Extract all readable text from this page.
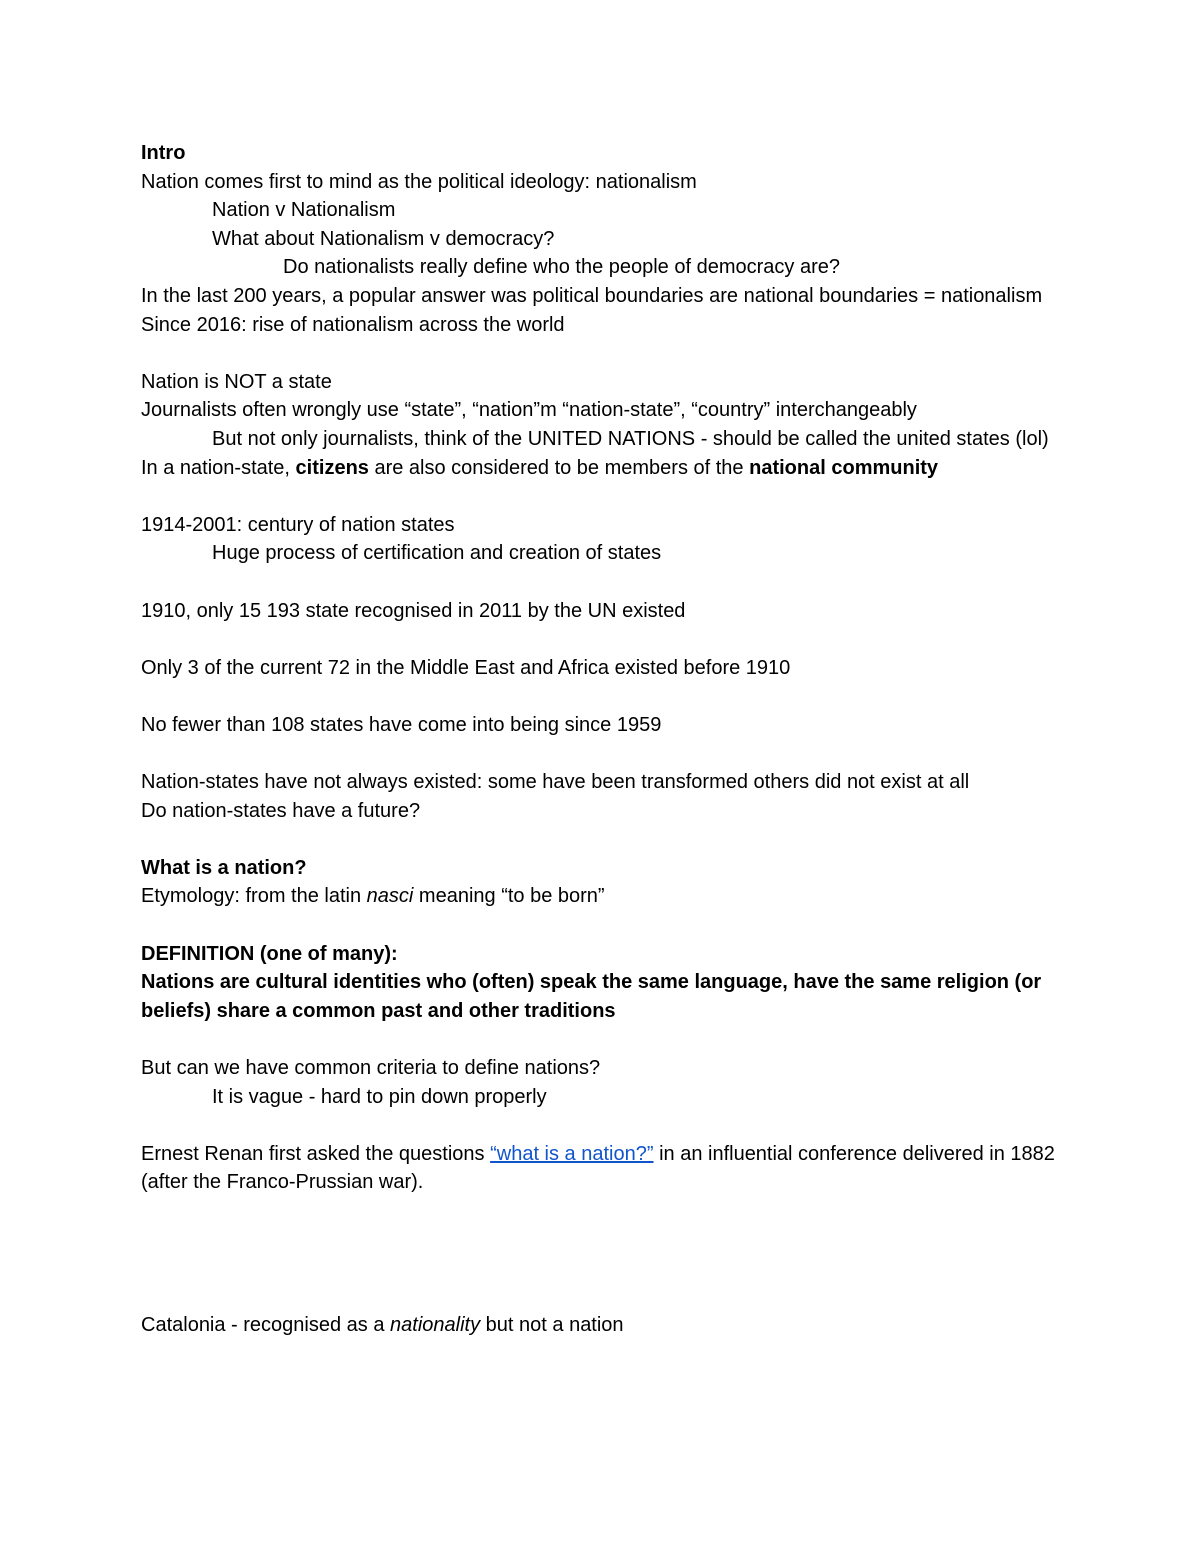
Intro

Nation comes first to mind as the political ideology: nationalism

Nation v Nationalism

What about Nationalism v democracy?

Do nationalists really define who the people of democracy are?

In the last 200 years, a popular answer was political boundaries are national boundaries = nationalism

Since 2016: rise of nationalism across the world

Nation is NOT a state

Journalists often wrongly use “state”, “nation”m “nation-state”, “country” interchangeably

But not only journalists, think of the UNITED NATIONS - should be called the united states (lol)

In a nation-state, citizens are also considered to be members of the national community

1914-2001: century of nation states

Huge process of certification and creation of states

1910, only 15 193 state recognised in 2011 by the UN existed

Only 3 of the current 72 in the Middle East and Africa existed before 1910

No fewer than 108 states have come into being since 1959

Nation-states have not always existed: some have been transformed others did not exist at all

Do nation-states have a future?

What is a nation?

Etymology: from the latin nasci meaning “to be born”

DEFINITION (one of many):

Nations are cultural identities who (often) speak the same language, have the same religion (or beliefs) share a common past and other traditions

But can we have common criteria to define nations?

It is vague - hard to pin down properly

Ernest Renan first asked the questions “what is a nation?” in an influential conference delivered in 1882 (after the Franco-Prussian war).

Catalonia - recognised as a nationality but not a nation
